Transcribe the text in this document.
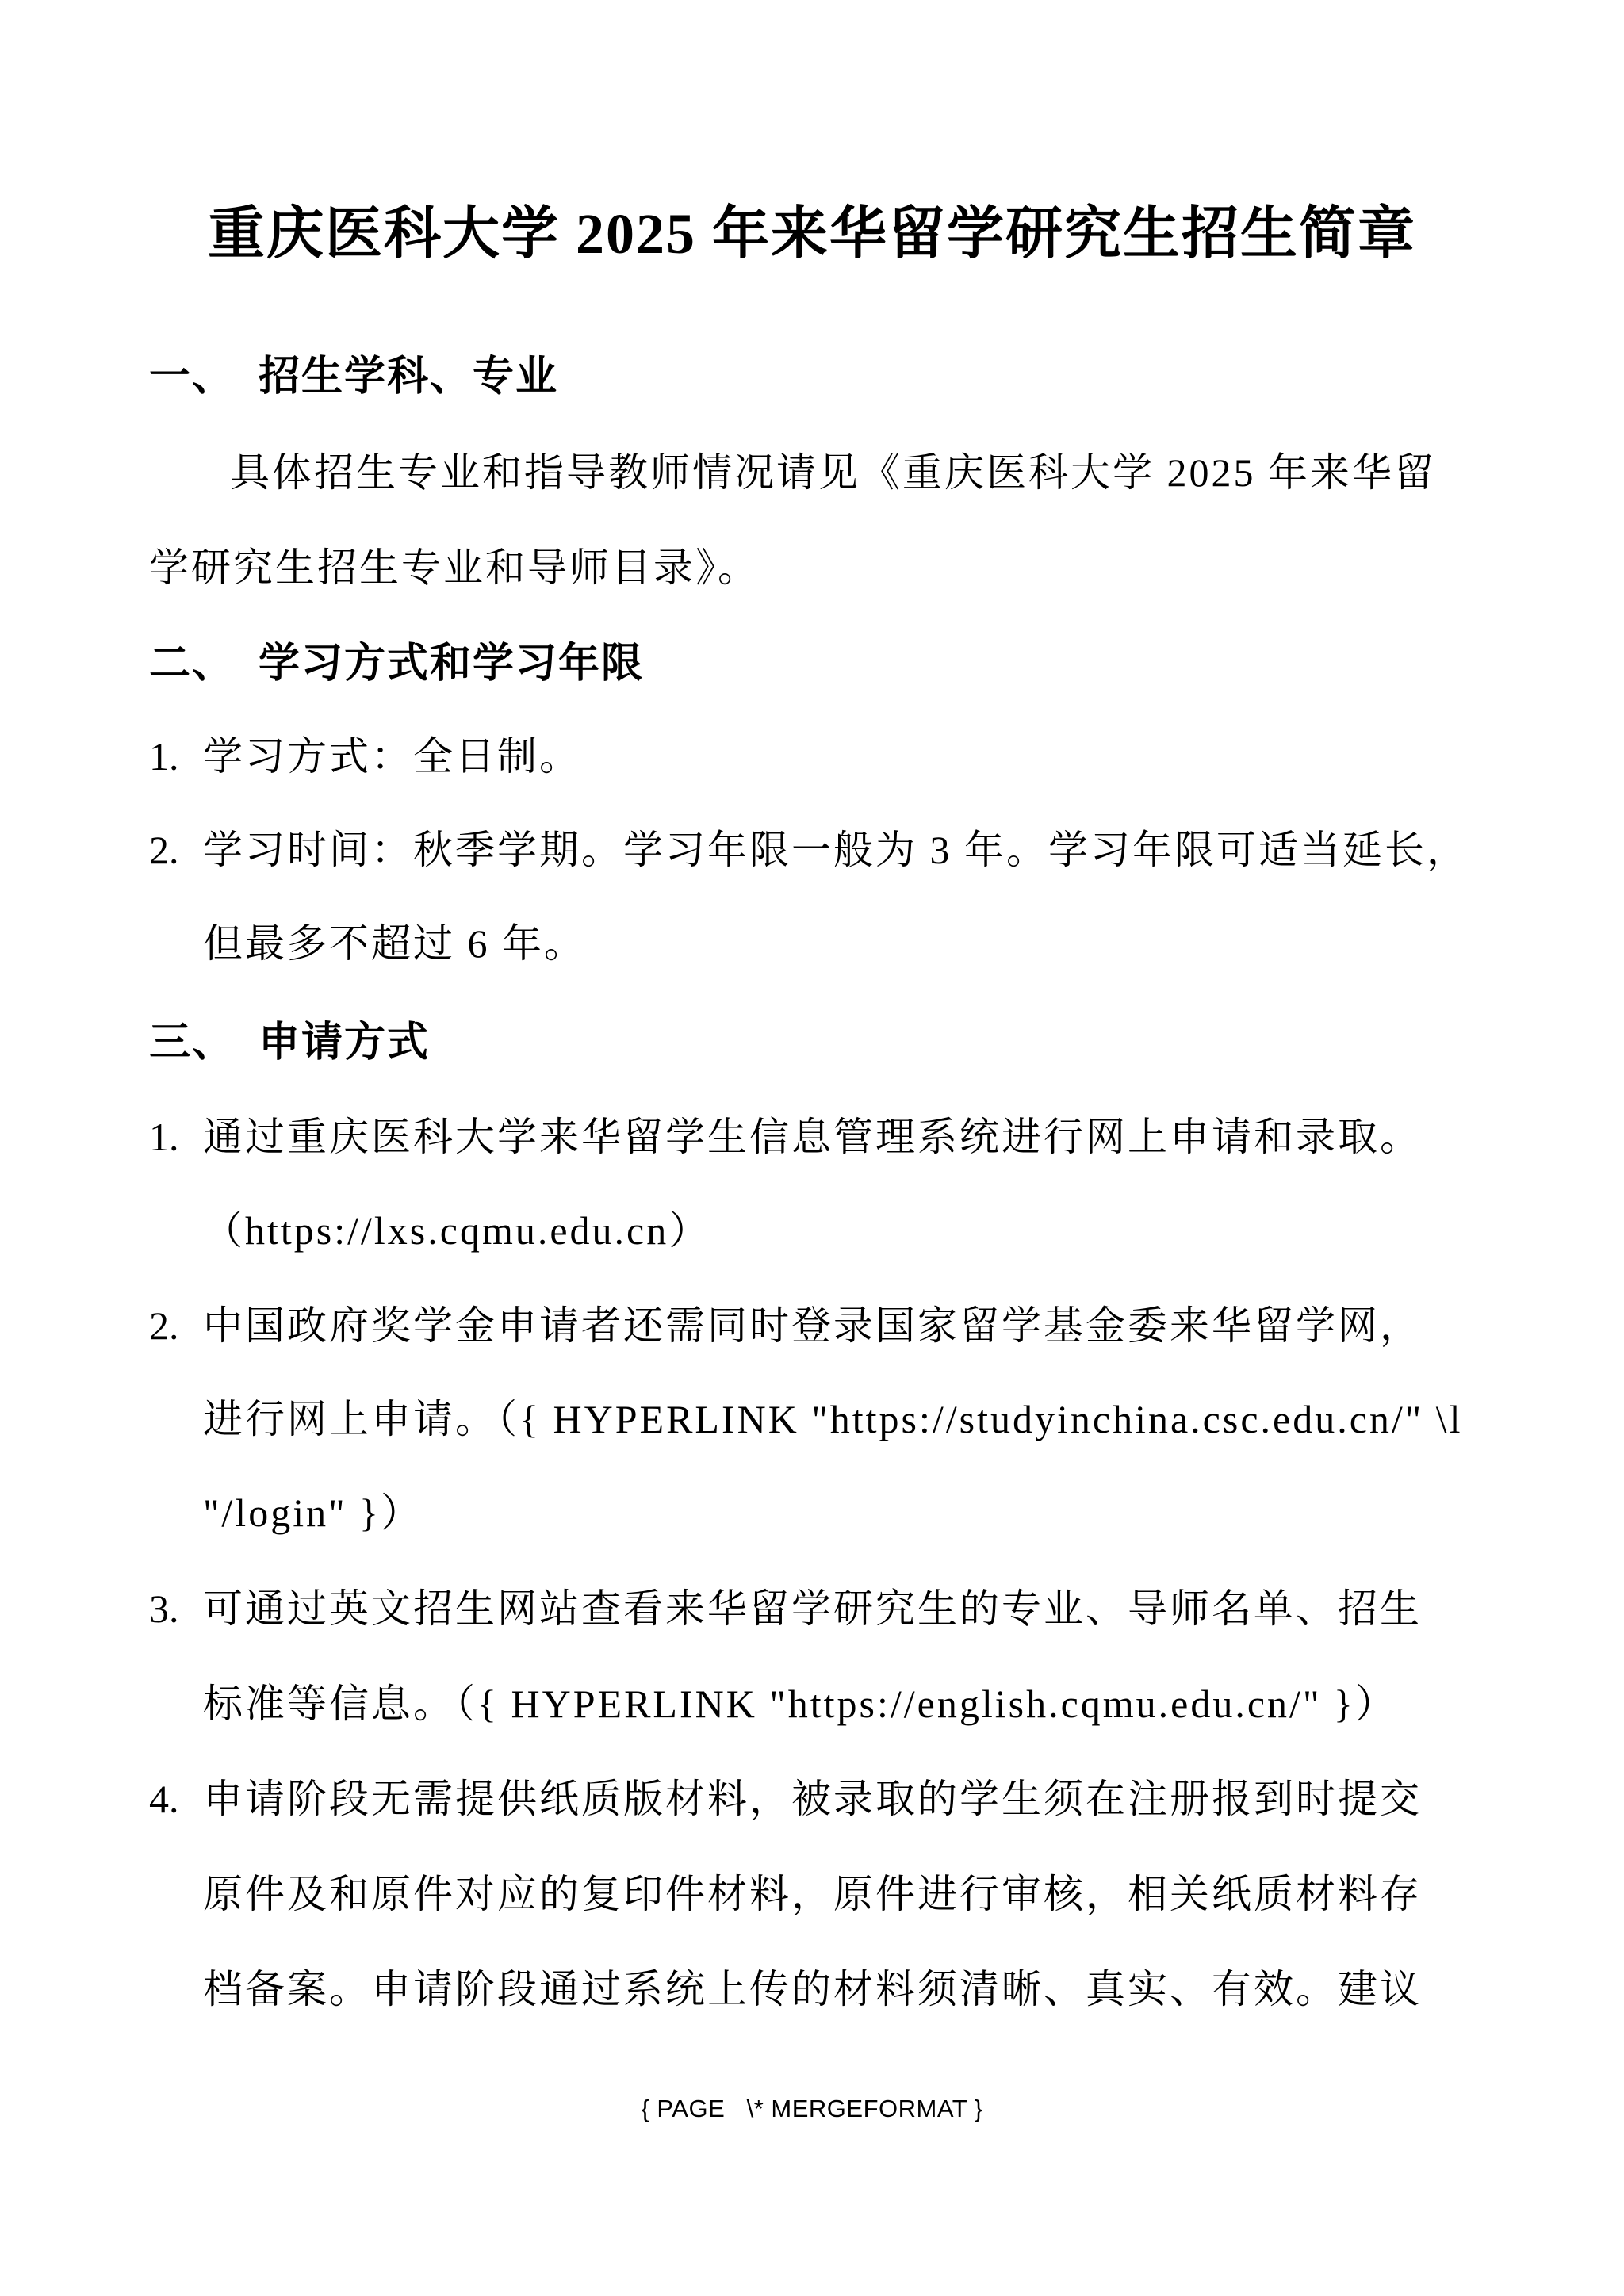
重庆医科大学 2025 年来华留学研究生招生简章
一、 招生学科、专业
具体招生专业和指导教师情况请见《重庆医科大学 2025 年来华留
学研究生招生专业和导师目录》。
二、 学习方式和学习年限
1. 学习方式：全日制。
2. 学习时间：秋季学期。学习年限一般为 3 年。学习年限可适当延长，
但最多不超过 6 年。
三、 申请方式
1. 通过重庆医科大学来华留学生信息管理系统进行网上申请和录取。
（https://lxs.cqmu.edu.cn）
2. 中国政府奖学金申请者还需同时登录国家留学基金委来华留学网，
进行网上申请。（{ HYPERLINK "https://studyinchina.csc.edu.cn/" \l
"/login" }）
3. 可通过英文招生网站查看来华留学研究生的专业、导师名单、招生
标准等信息。（{ HYPERLINK "https://english.cqmu.edu.cn/" }）
4. 申请阶段无需提供纸质版材料，被录取的学生须在注册报到时提交
原件及和原件对应的复印件材料，原件进行审核，相关纸质材料存
档备案。申请阶段通过系统上传的材料须清晰、真实、有效。建议
{ PAGE   \* MERGEFORMAT }
